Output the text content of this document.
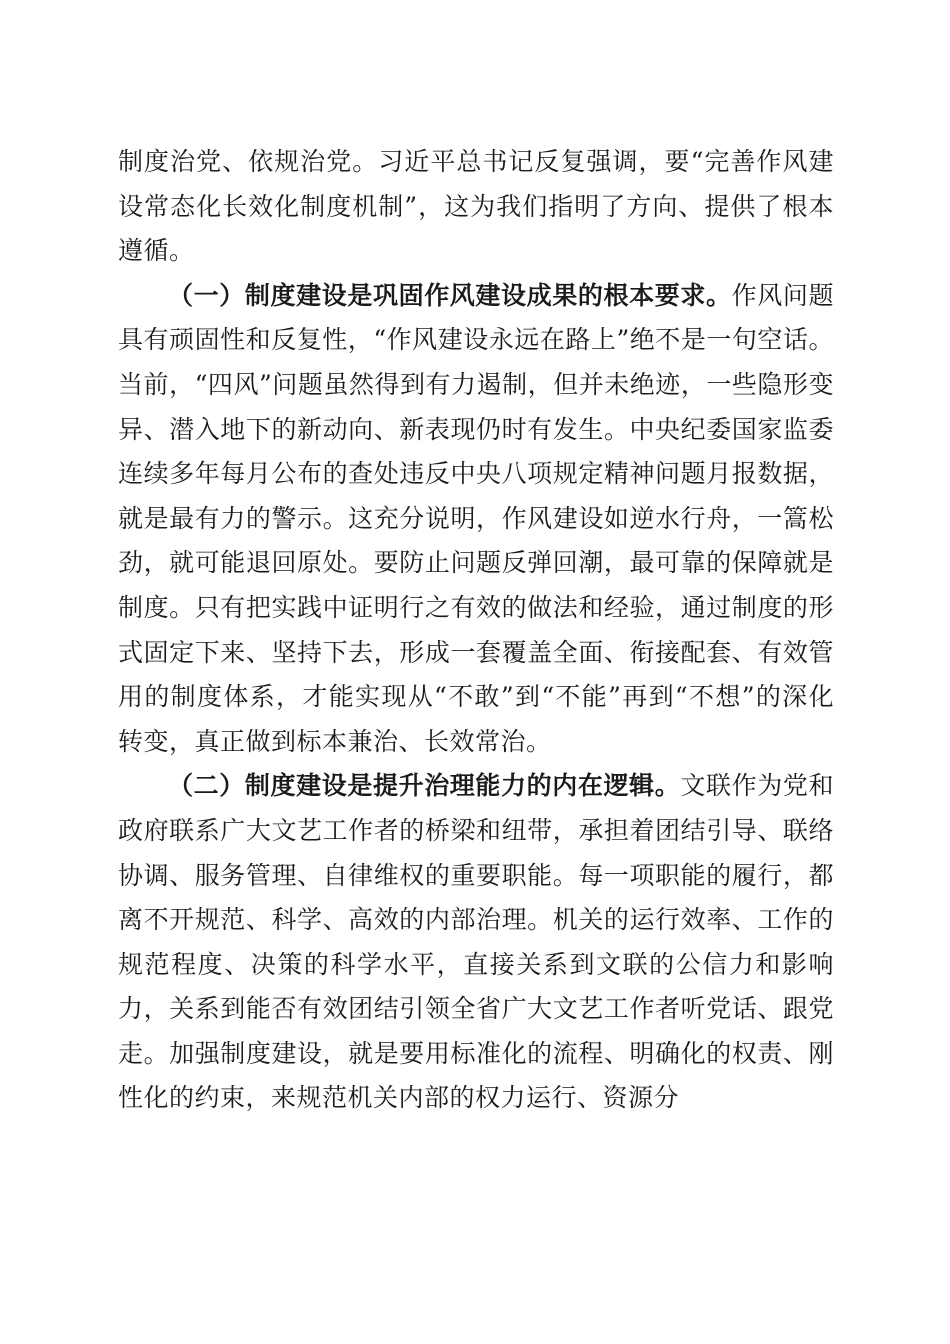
制度治党、依规治党。习近平总书记反复强调，要“完善作风建设常态化长效化制度机制”，这为我们指明了方向、提供了根本遵循。

（一）制度建设是巩固作风建设成果的根本要求。作风问题具有顽固性和反复性，“作风建设永远在路上”绝不是一句空话。当前，“四风”问题虽然得到有力遏制，但并未绝迹，一些隐形变异、潜入地下的新动向、新表现仍时有发生。中央纪委国家监委连续多年每月公布的查处违反中央八项规定精神问题月报数据，就是最有力的警示。这充分说明，作风建设如逆水行舟，一篙松劲，就可能退回原处。要防止问题反弹回潮，最可靠的保障就是制度。只有把实践中证明行之有效的做法和经验，通过制度的形式固定下来、坚持下去，形成一套覆盖全面、衔接配套、有效管用的制度体系，才能实现从“不敢”到“不能”再到“不想”的深化转变，真正做到标本兼治、长效常治。

（二）制度建设是提升治理能力的内在逻辑。文联作为党和政府联系广大文艺工作者的桥梁和纽带，承担着团结引导、联络协调、服务管理、自律维权的重要职能。每一项职能的履行，都离不开规范、科学、高效的内部治理。机关的运行效率、工作的规范程度、决策的科学水平，直接关系到文联的公信力和影响力，关系到能否有效团结引领全省广大文艺工作者听党话、跟党走。加强制度建设，就是要用标准化的流程、明确化的权责、刚性化的约束，来规范机关内部的权力运行、资源分
